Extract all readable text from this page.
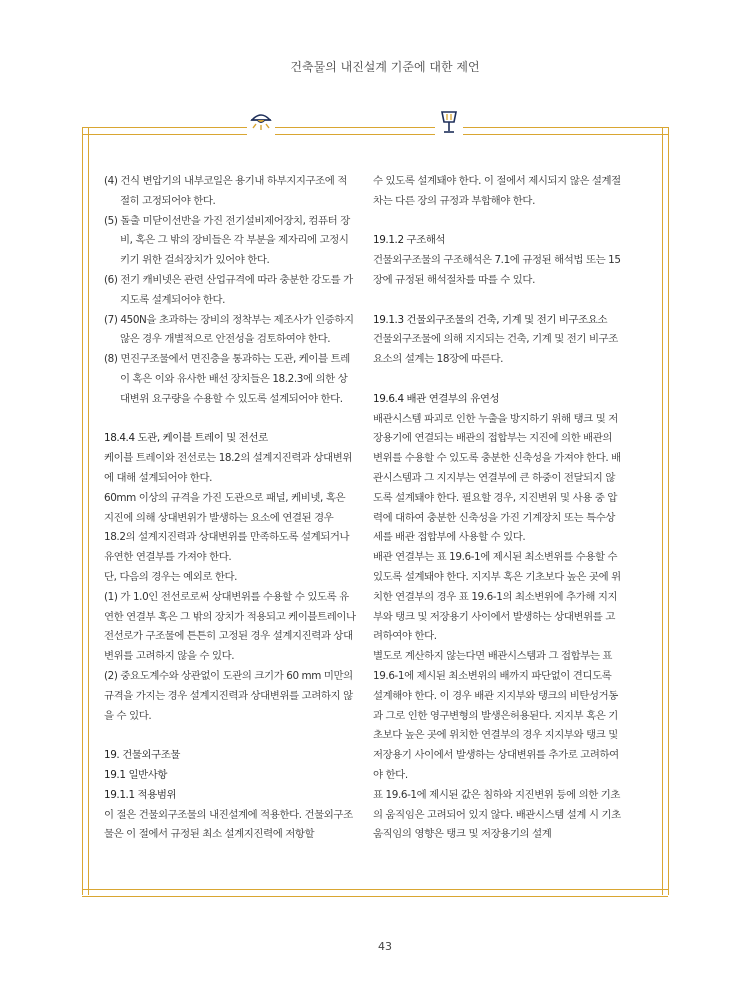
건축물의 내진설계 기준에 대한 제언

(4) 건식 변압기의 내부코일은 용기내 하부지지구조에 적절히 고정되어야 한다.

(5) 돌출 미닫이선반을 가진 전기설비제어장치, 컴퓨터 장비, 혹은 그 밖의 장비들은 각 부분을 제자리에 고정시키기 위한 걸쇠장치가 있어야 한다.

(6) 전기 캐비넷은 관련 산업규격에 따라 충분한 강도를 가지도록 설계되어야 한다.

(7) 450N을 초과하는 장비의 정착부는 제조사가 인증하지 않은 경우 개별적으로 안전성을 검토하여야 한다.

(8) 면진구조물에서 면진층을 통과하는 도관, 케이블 트레이 혹은 이와 유사한 배선 장치들은 18.2.3에 의한 상대변위 요구량을 수용할 수 있도록 설계되어야 한다.

18.4.4 도관, 케이블 트레이 및 전선로

케이블 트레이와 전선로는 18.2의 설계지진력과 상대변위에 대해 설계되어야 한다.

60mm 이상의 규격을 가진 도관으로 패널, 케비넷, 혹은 지진에 의해 상대변위가 발생하는 요소에 연결된 경우 18.2의 설계지진력과 상대변위를 만족하도록 설계되거나 유연한 연결부를 가져야 한다.

단, 다음의 경우는 예외로 한다.

(1) 가 1.0인 전선로로써 상대변위를 수용할 수 있도록 유연한 연결부 혹은 그 밖의 장치가 적용되고 케이블트레이나 전선로가 구조물에 튼튼히 고정된 경우 설계지진력과 상대변위를 고려하지 않을 수 있다.

(2) 중요도계수와 상관없이 도관의 크기가 60 mm 미만의 규격을 가지는 경우 설계지진력과 상대변위를 고려하지 않을 수 있다.

19. 건물외구조물

19.1 일반사항

19.1.1 적용범위

이 절은 건물외구조물의 내진설계에 적용한다. 건물외구조물은 이 절에서 규정된 최소 설계지진력에 저항할

수 있도록 설계돼야 한다. 이 절에서 제시되지 않은 설계절차는 다른 장의 규정과 부합해야 한다.

19.1.2 구조해석

건물외구조물의 구조해석은 7.1에 규정된 해석법 또는 15장에 규정된 해석절차를 따를 수 있다.

19.1.3 건물외구조물의 건축, 기계 및 전기 비구조요소

건물외구조물에 의해 지지되는 건축, 기계 및 전기 비구조요소의 설계는 18장에 따른다.

19.6.4 배관 연결부의 유연성

배관시스템 파괴로 인한 누출을 방지하기 위해 탱크 및 저장용기에 연결되는 배관의 접합부는 지진에 의한 배관의 변위를 수용할 수 있도록 충분한 신축성을 가져야 한다. 배관시스템과 그 지지부는 연결부에 큰 하중이 전달되지 않도록 설계돼야 한다. 필요할 경우, 지진변위 및 사용 중 압력에 대하여 충분한 신축성을 가진 기계장치 또는 특수상세를 배관 접합부에 사용할 수 있다.

배관 연결부는 표 19.6-1에 제시된 최소변위를 수용할 수 있도록 설계돼야 한다. 지지부 혹은 기초보다 높은 곳에 위치한 연결부의 경우 표 19.6-1의 최소변위에 추가해 지지부와 탱크 및 저장용기 사이에서 발생하는 상대변위를 고려하여야 한다.

별도로 계산하지 않는다면 배관시스템과 그 접합부는 표 19.6-1에 제시된 최소변위의 배까지 파단없이 견디도록 설계해야 한다. 이 경우 배관 지지부와 탱크의 비탄성거동과 그로 인한 영구변형의 발생은허용된다. 지지부 혹은 기초보다 높은 곳에 위치한 연결부의 경우 지지부와 탱크 및 저장용기 사이에서 발생하는 상대변위를 추가로 고려하여야 한다.

표 19.6-1에 제시된 값은 침하와 지진변위 등에 의한 기초의 움직임은 고려되어 있지 않다. 배관시스템 설계 시 기초 움직임의 영향은 탱크 및 저장용기의 설계

43
